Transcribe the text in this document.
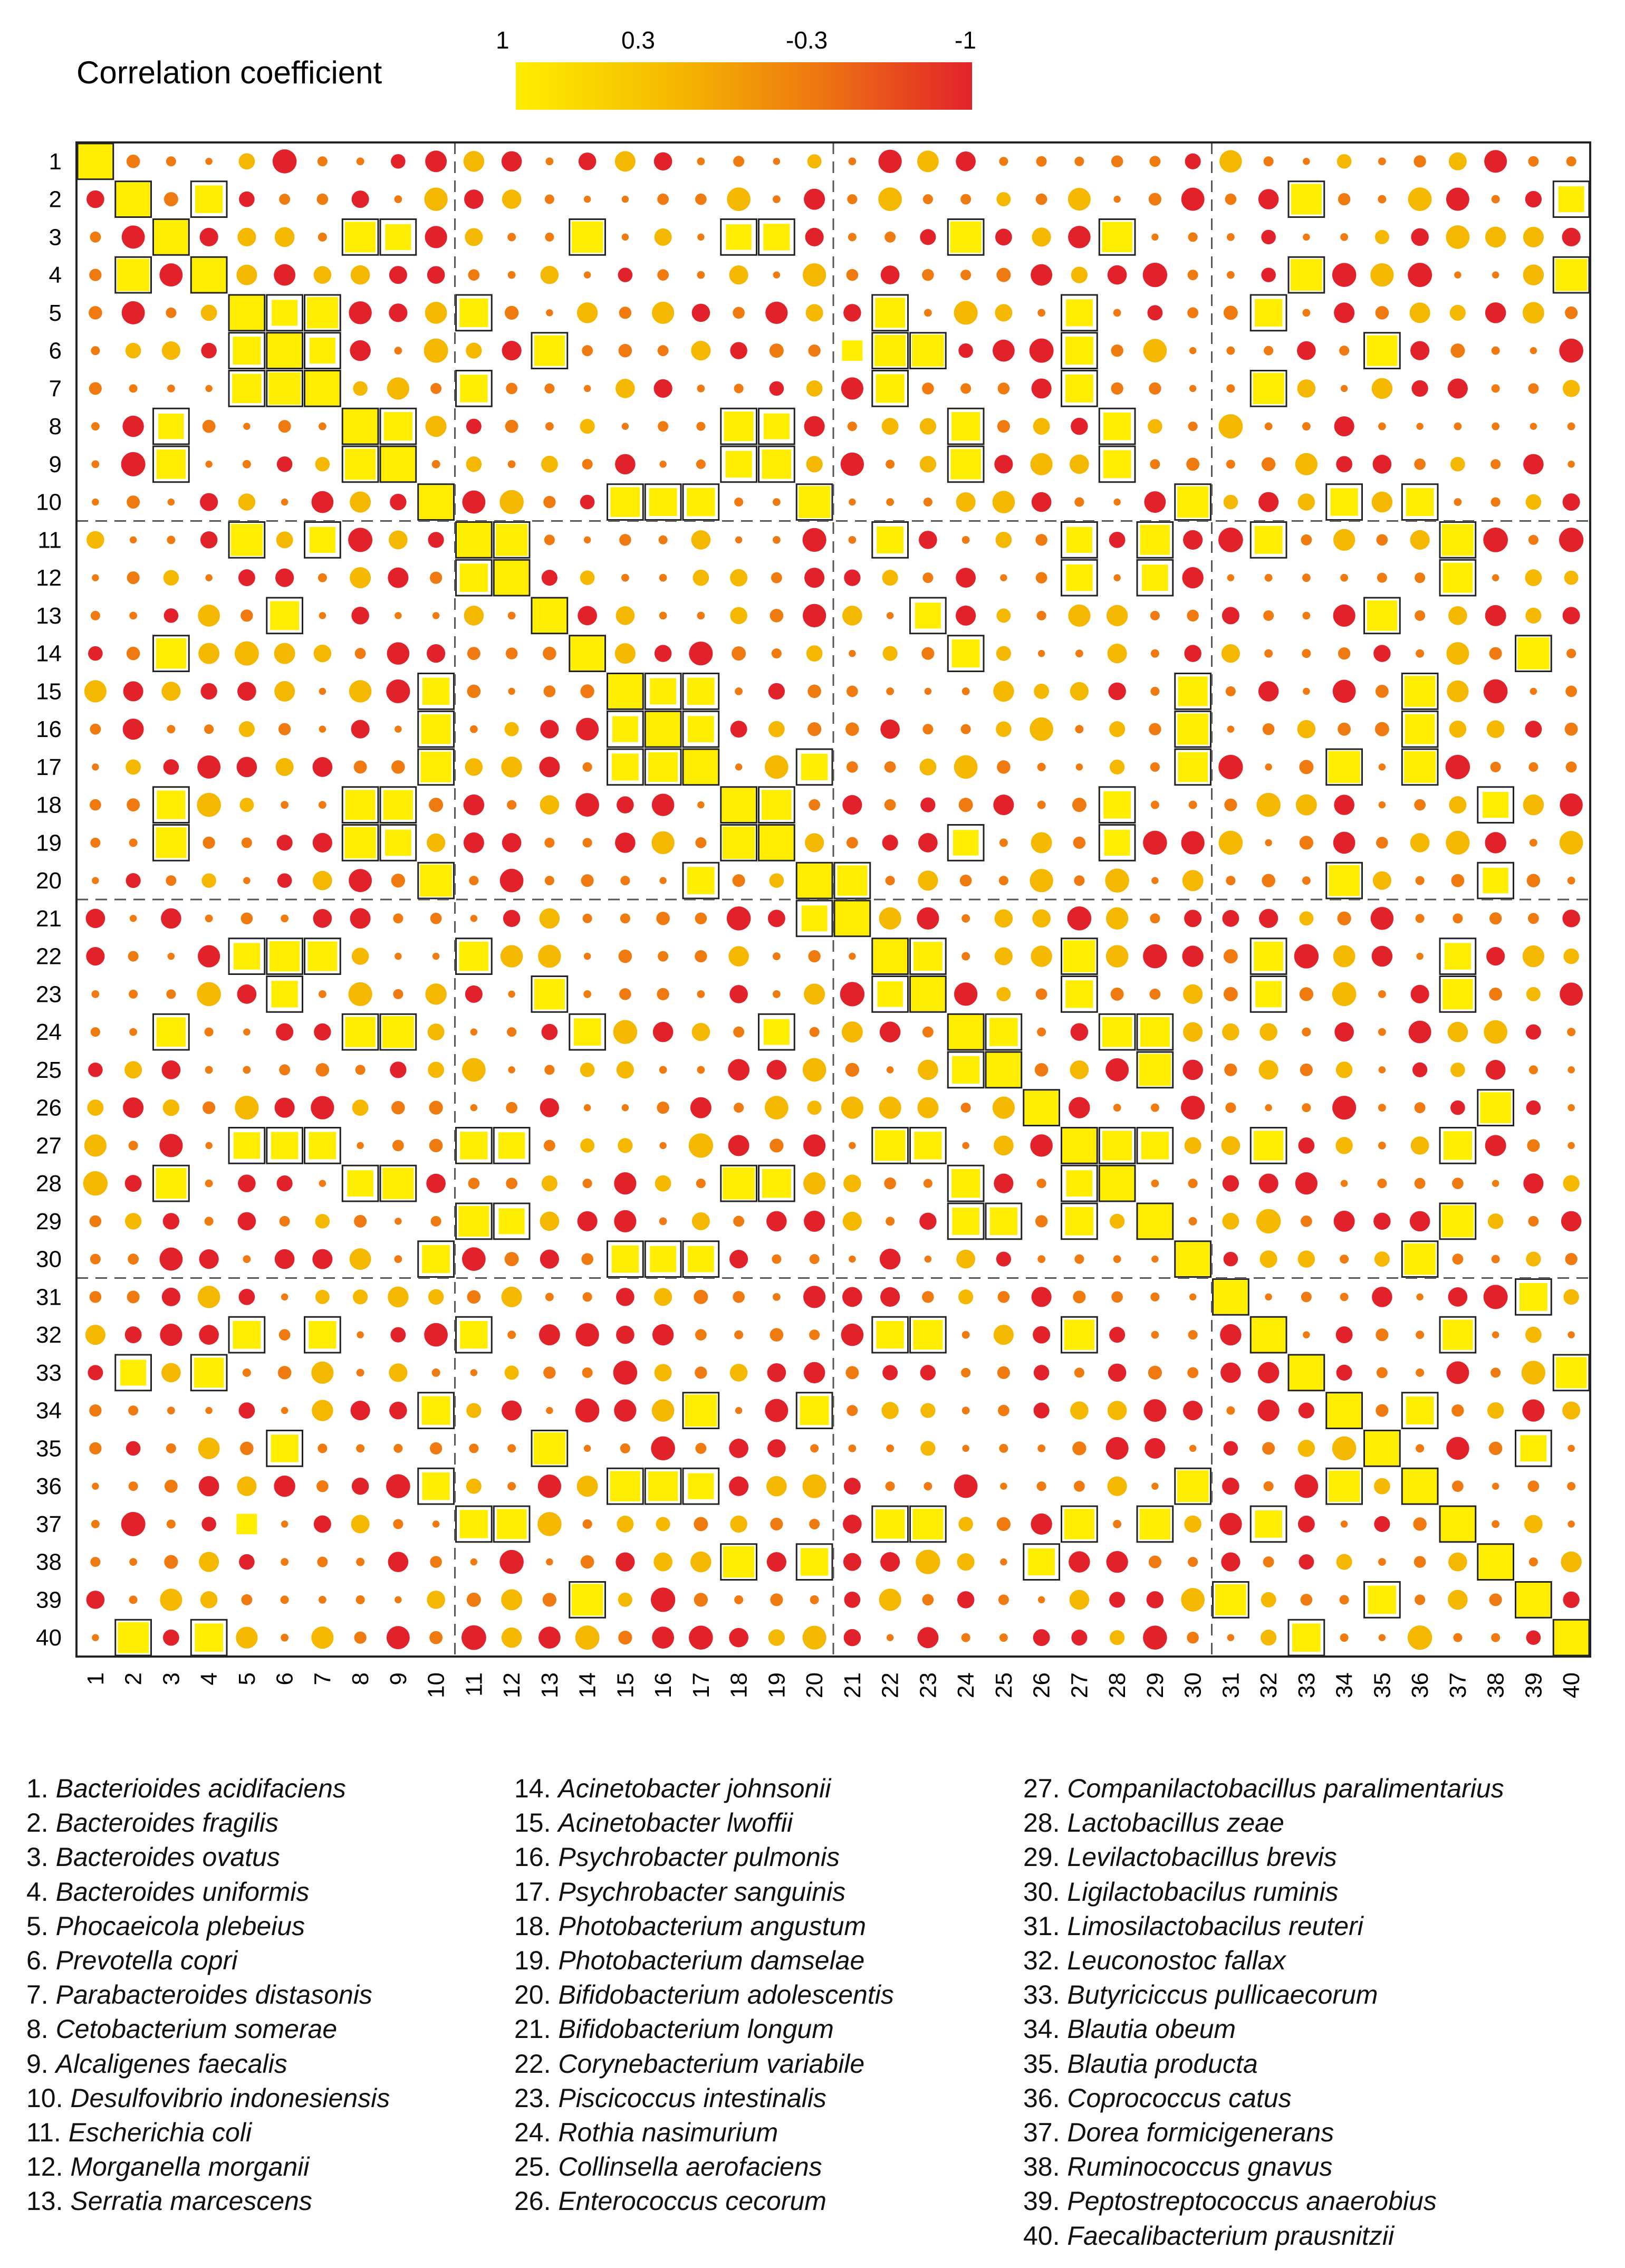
Correlation coefficient
1	0.3	-0.3	-1
1
2
3
4
5
6
7
8
9
10
11
12
13
14
15
16
17
18
19
20
21
22
23
24
25
26
27
28
29
30
31
32
33
34
35
36
37
38
39
40
1 2 3 4 5 6 7 8 9 10 11 12 13 14 15 16 17 18 19 20 21 22 23 24 25 26 27 28 29 30 31 32 33 34 35 36 37 38 39 40
1. Bacterioides acidifaciens
2. Bacteroides fragilis
3. Bacteroides ovatus
4. Bacteroides uniformis
5. Phocaeicola plebeius
6. Prevotella copri
7. Parabacteroides distasonis
8. Cetobacterium somerae
9. Alcaligenes faecalis
10. Desulfovibrio indonesiensis
11. Escherichia coli
12. Morganella morganii
13. Serratia marcescens
14. Acinetobacter johnsonii
15. Acinetobacter lwoffii
16. Psychrobacter pulmonis
17. Psychrobacter sanguinis
18. Photobacterium angustum
19. Photobacterium damselae
20. Bifidobacterium adolescentis
21. Bifidobacterium longum
22. Corynebacterium variabile
23. Piscicoccus intestinalis
24. Rothia nasimurium
25. Collinsella aerofaciens
26. Enterococcus cecorum
27. Companilactobacillus paralimentarius
28. Lactobacillus zeae
29. Levilactobacillus brevis
30. Ligilactobacilus ruminis
31. Limosilactobacilus reuteri
32. Leuconostoc fallax
33. Butyriciccus pullicaecorum
34. Blautia obeum
35. Blautia producta
36. Coprococcus catus
37. Dorea formicigenerans
38. Ruminococcus gnavus
39. Peptostreptococcus anaerobius
40. Faecalibacterium prausnitzii
